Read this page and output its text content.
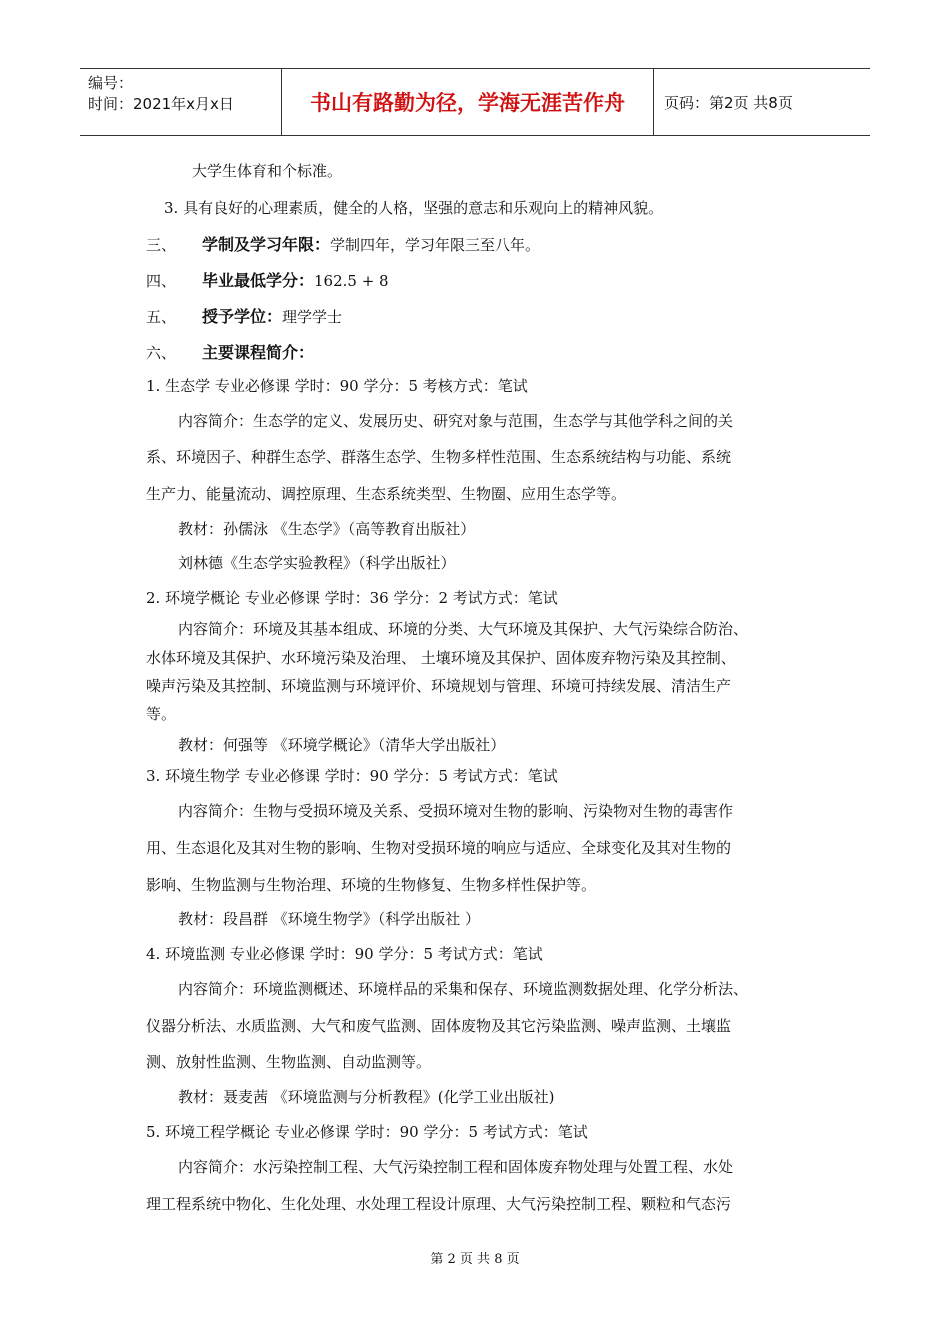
编号：
时间：2021年x月x日	书山有路勤为径，学海无涯苦作舟	页码：第2页 共8页
大学生体育和个标准。
3. 具有良好的心理素质，健全的人格，坚强的意志和乐观向上的精神风貌。
三、 学制及学习年限：学制四年，学习年限三至八年。
四、 毕业最低学分：162.5 + 8
五、 授予学位：理学学士
六、 主要课程简介：
1. 生态学 专业必修课 学时：90 学分：5 考核方式：笔试
内容简介：生态学的定义、发展历史、研究对象与范围，生态学与其他学科之间的关
系、环境因子、种群生态学、群落生态学、生物多样性范围、生态系统结构与功能、系统
生产力、能量流动、调控原理、生态系统类型、生物圈、应用生态学等。
教材：孙儒泳 《生态学》（高等教育出版社）
刘林德《生态学实验教程》（科学出版社）
2. 环境学概论 专业必修课 学时：36 学分：2 考试方式：笔试
内容简介：环境及其基本组成、环境的分类、大气环境及其保护、大气污染综合防治、
水体环境及其保护、水环境污染及治理、 土壤环境及其保护、固体废弃物污染及其控制、
噪声污染及其控制、环境监测与环境评价、环境规划与管理、环境可持续发展、清洁生产
等。
教材：何强等 《环境学概论》（清华大学出版社）
3. 环境生物学 专业必修课 学时：90 学分：5 考试方式：笔试
内容简介：生物与受损环境及关系、受损环境对生物的影响、污染物对生物的毒害作
用、生态退化及其对生物的影响、生物对受损环境的响应与适应、全球变化及其对生物的
影响、生物监测与生物治理、环境的生物修复、生物多样性保护等。
教材：段昌群 《环境生物学》（科学出版社 ）
4. 环境监测 专业必修课 学时：90 学分：5 考试方式：笔试
内容简介：环境监测概述、环境样品的采集和保存、环境监测数据处理、化学分析法、
仪器分析法、水质监测、大气和废气监测、固体废物及其它污染监测、噪声监测、土壤监
测、放射性监测、生物监测、自动监测等。
教材：聂麦茜 《环境监测与分析教程》(化学工业出版社)
5. 环境工程学概论 专业必修课 学时：90 学分：5 考试方式：笔试
内容简介：水污染控制工程、大气污染控制工程和固体废弃物处理与处置工程、水处
理工程系统中物化、生化处理、水处理工程设计原理、大气污染控制工程、颗粒和气态污
第 2 页 共 8 页
